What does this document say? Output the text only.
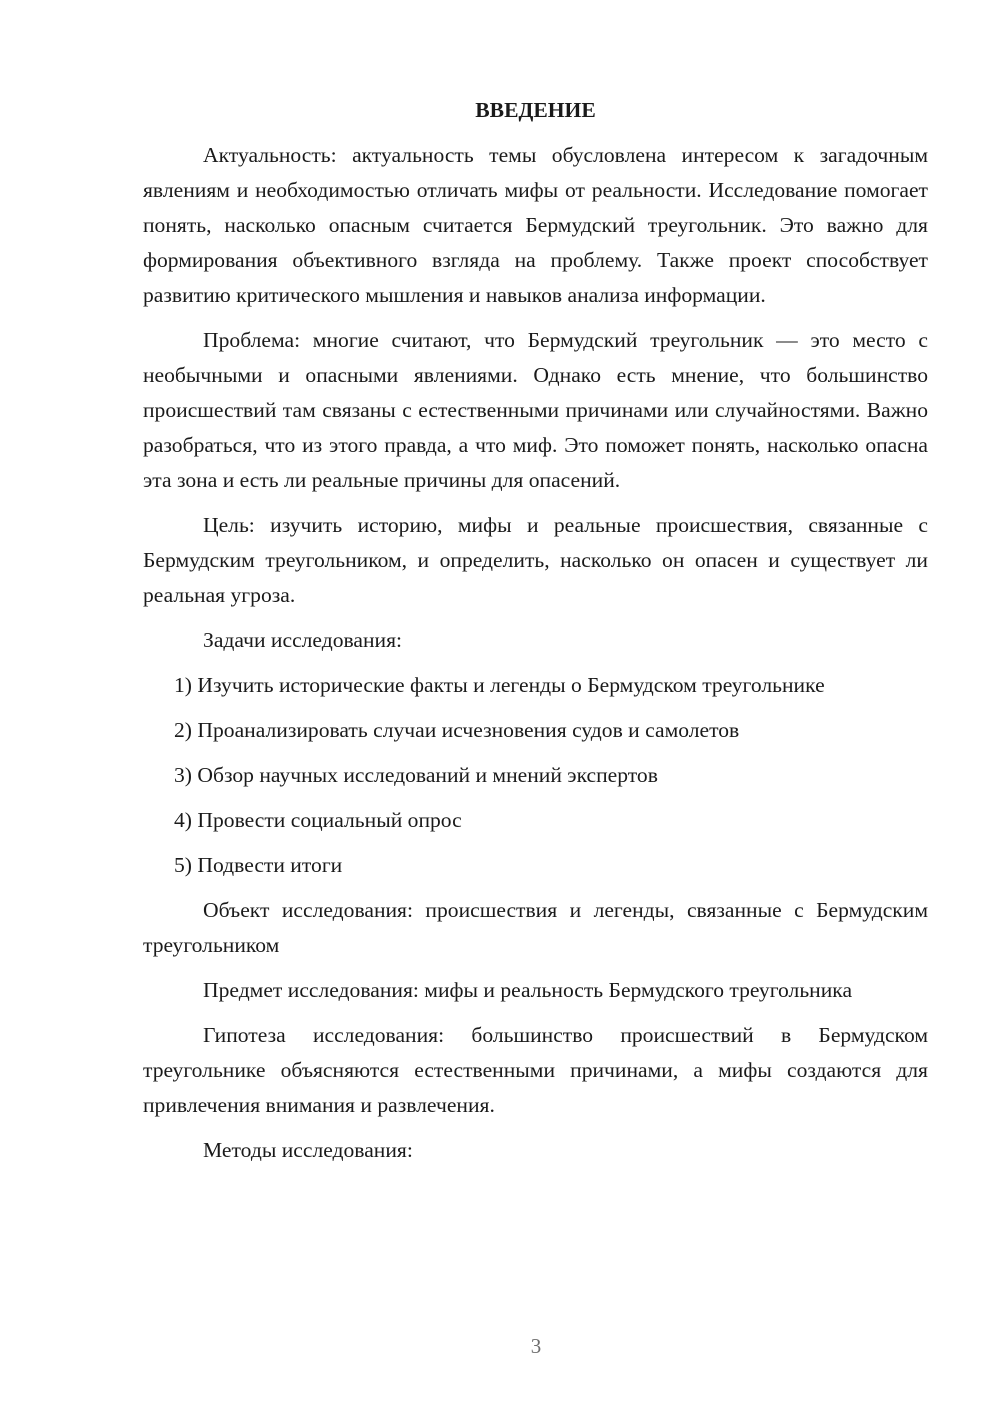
ВВЕДЕНИЕ

Актуальность: актуальность темы обусловлена интересом к загадочным явлениям и необходимостью отличать мифы от реальности. Исследование помогает понять, насколько опасным считается Бермудский треугольник. Это важно для формирования объективного взгляда на проблему. Также проект способствует развитию критического мышления и навыков анализа информации.

Проблема: многие считают, что Бермудский треугольник — это место с необычными и опасными явлениями. Однако есть мнение, что большинство происшествий там связаны с естественными причинами или случайностями. Важно разобраться, что из этого правда, а что миф. Это поможет понять, насколько опасна эта зона и есть ли реальные причины для опасений.

Цель: изучить историю, мифы и реальные происшествия, связанные с Бермудским треугольником, и определить, насколько он опасен и существует ли реальная угроза.

Задачи исследования:

1) Изучить исторические факты и легенды о Бермудском треугольнике

2) Проанализировать случаи исчезновения судов и самолетов

3) Обзор научных исследований и мнений экспертов

4) Провести социальный опрос

5) Подвести итоги

Объект исследования: происшествия и легенды, связанные с Бермудским треугольником

Предмет исследования: мифы и реальность Бермудского треугольника

Гипотеза исследования: большинство происшествий в Бермудском треугольнике объясняются естественными причинами, а мифы создаются для привлечения внимания и развлечения.

Методы исследования:

3
